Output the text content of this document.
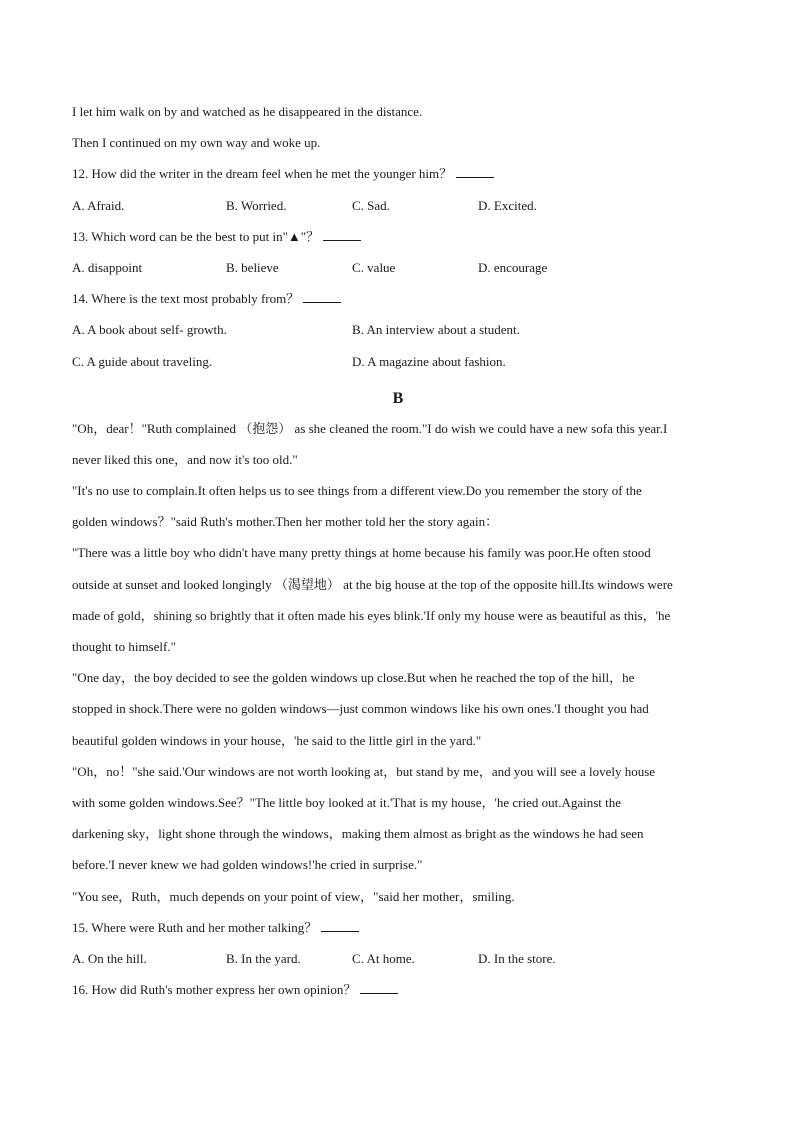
I let him walk on by and watched as he disappeared in the distance.
Then I continued on my own way and woke up.
12. How did the writer in the dream feel when he met the younger him？
A. Afraid.	B. Worried.	C. Sad.	D. Excited.
13. Which word can be the best to put in"▲"？
A. disappoint	B. believe	C. value	D. encourage
14. Where is the text most probably from？
A. A book about self- growth.	B. An interview about a student.
C. A guide about traveling.	D. A magazine about fashion.
B
"Oh，dear！"Ruth complained （抱怨） as she cleaned the room."I do wish we could have a new sofa this year.I
never liked this one，and now it's too old."
"It's no use to complain.It often helps us to see things from a different view.Do you remember the story of the
golden windows？"said Ruth's mother.Then her mother told her the story again：
"There was a little boy who didn't have many pretty things at home because his family was poor.He often stood
outside at sunset and looked longingly （渴望地） at the big house at the top of the opposite hill.Its windows were
made of gold，shining so brightly that it often made his eyes blink.'If only my house were as beautiful as this，'he
thought to himself."
"One day，the boy decided to see the golden windows up close.But when he reached the top of the hill，he
stopped in shock.There were no golden windows—just common windows like his own ones.'I thought you had
beautiful golden windows in your house，'he said to the little girl in the yard."
"Oh，no！"she said.'Our windows are not worth looking at，but stand by me，and you will see a lovely house
with some golden windows.See？"The little boy looked at it.'That is my house，'he cried out.Against the
darkening sky，light shone through the windows，making them almost as bright as the windows he had seen
before.'I never knew we had golden windows!'he cried in surprise."
"You see，Ruth，much depends on your point of view，"said her mother，smiling.
15. Where were Ruth and her mother talking？
A. On the hill.	B. In the yard.	C. At home.	D. In the store.
16. How did Ruth's mother express her own opinion？
